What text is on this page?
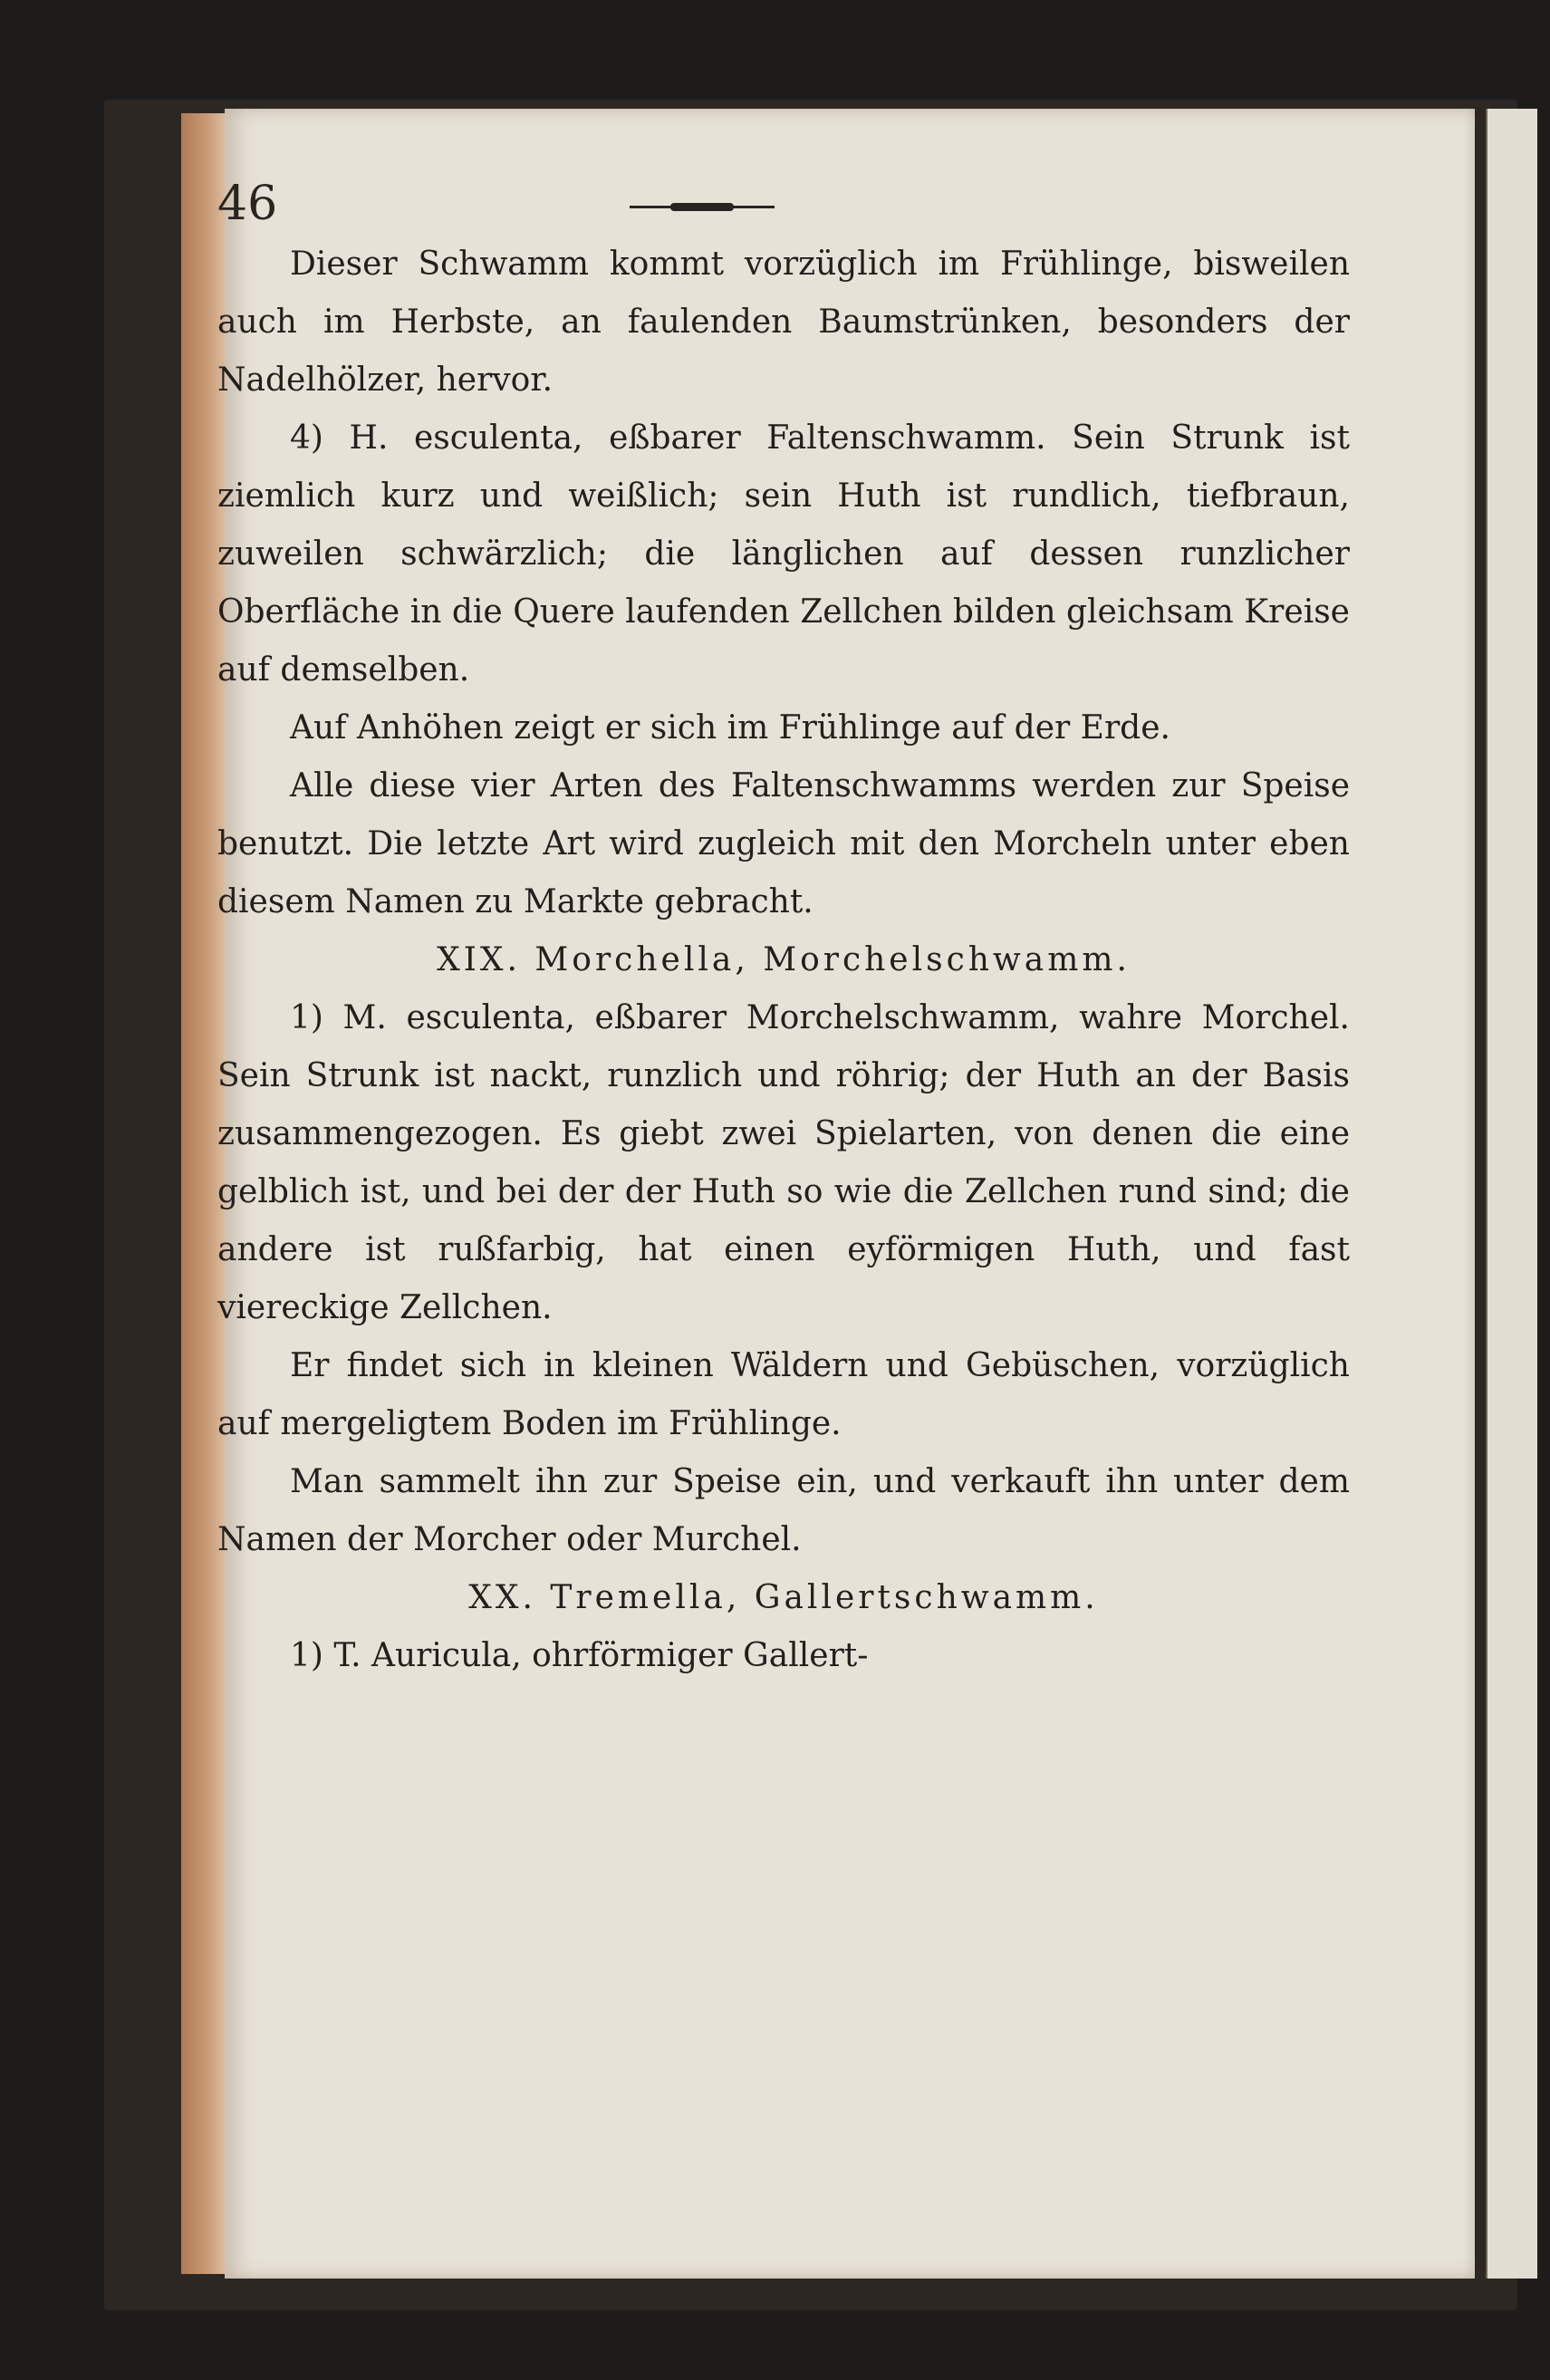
46

Dieser Schwamm kommt vorzüglich im Frühlinge, bisweilen auch im Herbste, an faulenden Baumstrünken, besonders der Nadelhölzer, hervor.

4) H. esculenta, eßbarer Faltenschwamm. Sein Strunk ist ziemlich kurz und weißlich; sein Huth ist rundlich, tiefbraun, zuweilen schwärzlich; die länglichen auf dessen runzlicher Oberfläche in die Quere laufenden Zellchen bilden gleichsam Kreise auf demselben.

Auf Anhöhen zeigt er sich im Frühlinge auf der Erde.

Alle diese vier Arten des Faltenschwamms werden zur Speise benutzt. Die letzte Art wird zugleich mit den Morcheln unter eben diesem Namen zu Markte gebracht.

XIX. Morchella, Morchelschwamm.

1) M. esculenta, eßbarer Morchelschwamm, wahre Morchel. Sein Strunk ist nackt, runzlich und röhrig; der Huth an der Basis zusammengezogen. Es giebt zwei Spielarten, von denen die eine gelblich ist, und bei der der Huth so wie die Zellchen rund sind; die andere ist rußfarbig, hat einen eyförmigen Huth, und fast viereckige Zellchen.

Er findet sich in kleinen Wäldern und Gebüschen, vorzüglich auf mergeligtem Boden im Frühlinge.

Man sammelt ihn zur Speise ein, und verkauft ihn unter dem Namen der Morcher oder Murchel.

XX. Tremella, Gallertschwamm.

1) T. Auricula, ohrförmiger Gallert-
